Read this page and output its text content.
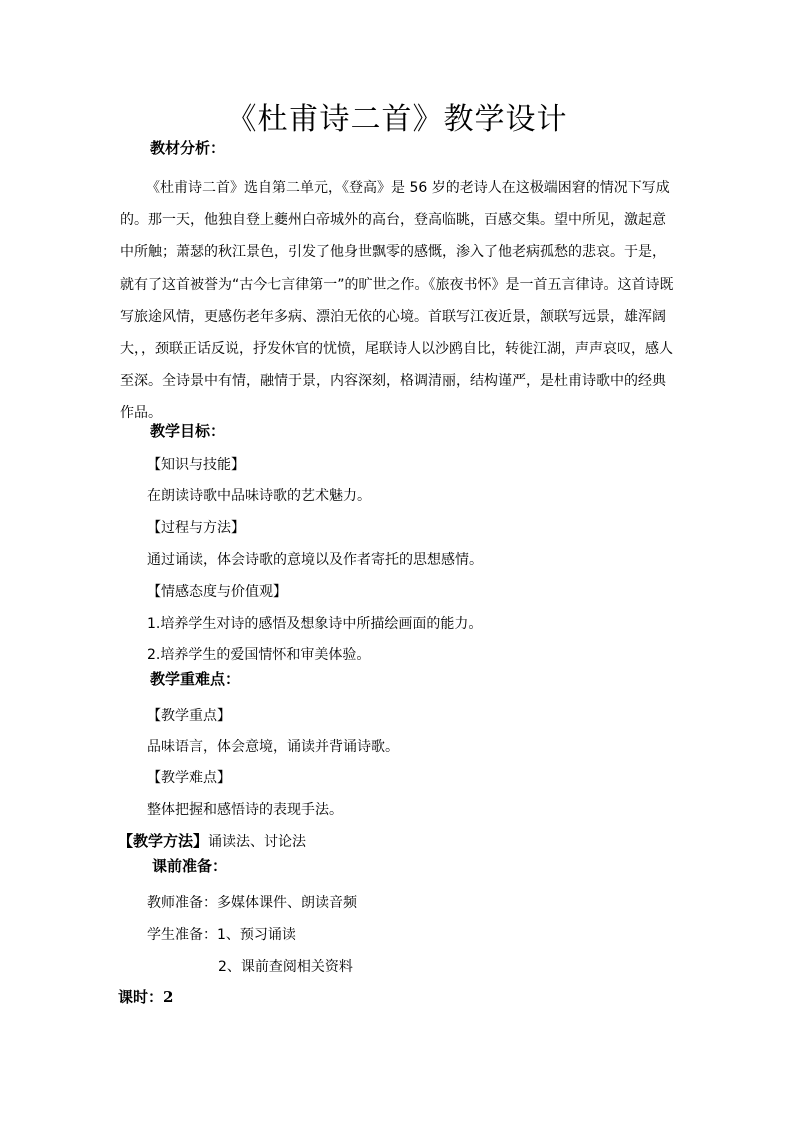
《杜甫诗二首》教学设计
教材分析：
《杜甫诗二首》选自第二单元，《登高》是 56 岁的老诗人在这极端困窘的情况下写成的。那一天，他独自登上夔州白帝城外的高台，登高临眺，百感交集。望中所见，激起意中所触；萧瑟的秋江景色，引发了他身世飘零的感慨，渗入了他老病孤愁的悲哀。于是，就有了这首被誉为“古今七言律第一”的旷世之作。《旅夜书怀》是一首五言律诗。这首诗既写旅途风情，更感伤老年多病、漂泊无依的心境。首联写江夜近景，颔联写远景，雄浑阔大，，颈联正话反说，抒发休官的忧愤，尾联诗人以沙鸥自比，转徙江湖，声声哀叹，感人至深。全诗景中有情，融情于景，内容深刻，格调清丽，结构谨严，是杜甫诗歌中的经典作品。
教学目标：
【知识与技能】
在朗读诗歌中品味诗歌的艺术魅力。
【过程与方法】
通过诵读，体会诗歌的意境以及作者寄托的思想感情。
【情感态度与价值观】
1.培养学生对诗的感悟及想象诗中所描绘画面的能力。
2.培养学生的爱国情怀和审美体验。
教学重难点：
【教学重点】
品味语言，体会意境，诵读并背诵诗歌。
【教学难点】
整体把握和感悟诗的表现手法。
【教学方法】诵读法、讨论法
课前准备：
教师准备：多媒体课件、朗读音频
学生准备：1、预习诵读
2、课前查阅相关资料
课时：2
